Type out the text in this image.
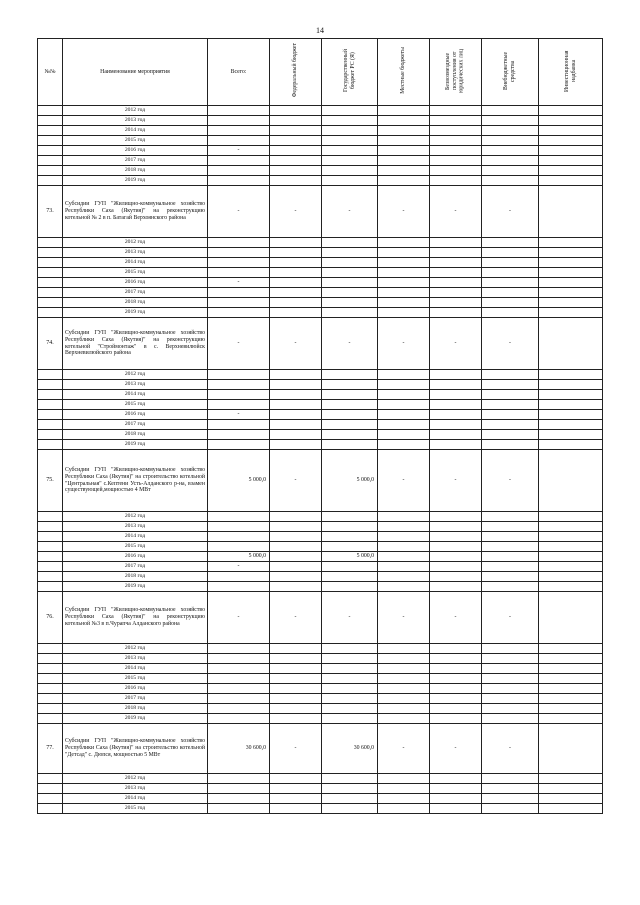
14
№№	Наименование мероприятия	Всего:	Федеральный бюджет	Государственный бюджет РС (Я)	Местные бюджеты	Безвозмездные поступления от юридических лиц	Внебюджетные средства	Инвестиционная надбавка
	2012 год							
	2013 год							
	2014 год							
	2015 год							
	2016 год	-						
	2017 год							
	2018 год							
	2019 год							
73.	Субсидии ГУП "Жилищно-коммунальное хозяйство Республики Саха (Якутия)" на реконструкцию котельной № 2 в п. Батагай Верхоянского района	-	-	-	-	-	-	
	2012 год							
	2013 год							
	2014 год							
	2015 год							
	2016 год	-						
	2017 год							
	2018 год							
	2019 год							
74.	Субсидии ГУП "Жилищно-коммунальное хозяйство Республики Саха (Якутия)" на реконструкцию котельной "Строймонтаж" в с. Верхневилюйск Верхневилюйского района	-	-	-	-	-	-	
	2012 год							
	2013 год							
	2014 год							
	2015 год							
	2016 год	-						
	2017 год							
	2018 год							
	2019 год							
75.	Субсидии ГУП "Жилищно-коммунальное хозяйство Республики Саха (Якутия)" на строительство котельной "Центральная" с.Кептени Усть-Алданского р-на, взамен существующей,мощностью 4 МВт	5 000,0	-	5 000,0	-	-	-	
	2012 год							
	2013 год							
	2014 год							
	2015 год							
	2016 год	5 000,0		5 000,0				
	2017 год	-						
	2018 год							
	2019 год							
76.	Субсидии ГУП "Жилищно-коммунальное хозяйство Республики Саха (Якутия)" на реконструкцию котельной №3 в п.Чурапча Алданского района	-	-	-	-	-	-	
	2012 год							
	2013 год							
	2014 год							
	2015 год							
	2016 год							
	2017 год							
	2018 год							
	2019 год							
77.	Субсидии ГУП "Жилищно-коммунальное хозяйство Республики Саха (Якутия)" на строительство котельной "Детсад" с. Дюпся, мощностью 5 МВт	30 600,0	-	30 600,0	-	-	-	
	2012 год							
	2013 год							
	2014 год							
	2015 год							
